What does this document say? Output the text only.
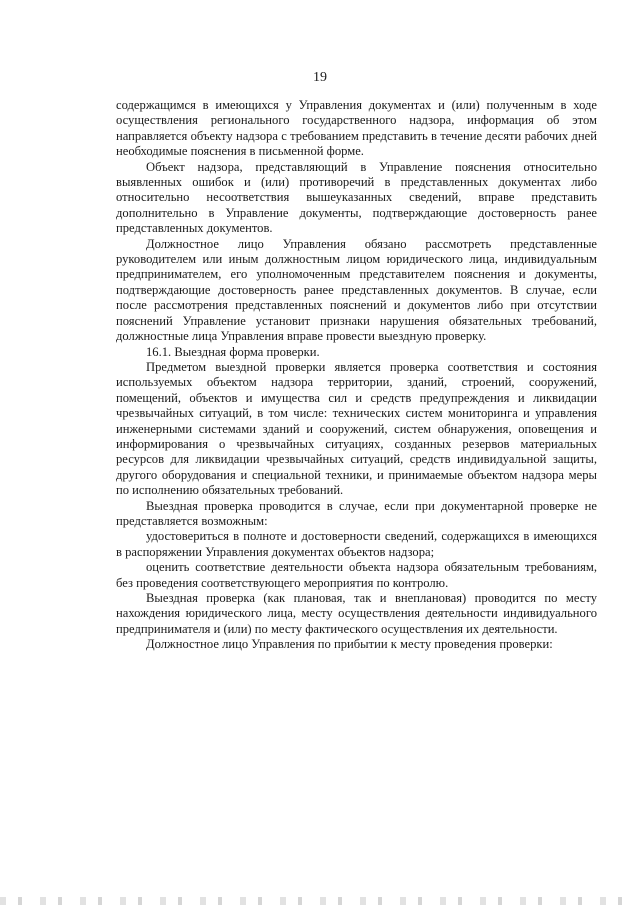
19

содержащимся в имеющихся у Управления документах и (или) полученным в ходе осуществления регионального государственного надзора, информация об этом направляется объекту надзора с требованием представить в течение десяти рабочих дней необходимые пояснения в письменной форме.

Объект надзора, представляющий в Управление пояснения относительно выявленных ошибок и (или) противоречий в представленных документах либо относительно несоответствия вышеуказанных сведений, вправе представить дополнительно в Управление документы, подтверждающие достоверность ранее представленных документов.

Должностное лицо Управления обязано рассмотреть представленные руководителем или иным должностным лицом юридического лица, индивидуальным предпринимателем, его уполномоченным представителем пояснения и документы, подтверждающие достоверность ранее представленных документов. В случае, если после рассмотрения представленных пояснений и документов либо при отсутствии пояснений Управление установит признаки нарушения обязательных требований, должностные лица Управления вправе провести выездную проверку.

16.1. Выездная форма проверки.

Предметом выездной проверки является проверка соответствия и состояния используемых объектом надзора территории, зданий, строений, сооружений, помещений, объектов и имущества сил и средств предупреждения и ликвидации чрезвычайных ситуаций, в том числе: технических систем мониторинга и управления инженерными системами зданий и сооружений, систем обнаружения, оповещения и информирования о чрезвычайных ситуациях, созданных резервов материальных ресурсов для ликвидации чрезвычайных ситуаций, средств индивидуальной защиты, другого оборудования и специальной техники, и принимаемые объектом надзора меры по исполнению обязательных требований.

Выездная проверка проводится в случае, если при документарной проверке не представляется возможным:

удостовериться в полноте и достоверности сведений, содержащихся в имеющихся в распоряжении Управления документах объектов надзора;

оценить соответствие деятельности объекта надзора обязательным требованиям, без проведения соответствующего мероприятия по контролю.

Выездная проверка (как плановая, так и внеплановая) проводится по месту нахождения юридического лица, месту осуществления деятельности индивидуального предпринимателя и (или) по месту фактического осуществления их деятельности.

Должностное лицо Управления по прибытии к месту проведения проверки:
